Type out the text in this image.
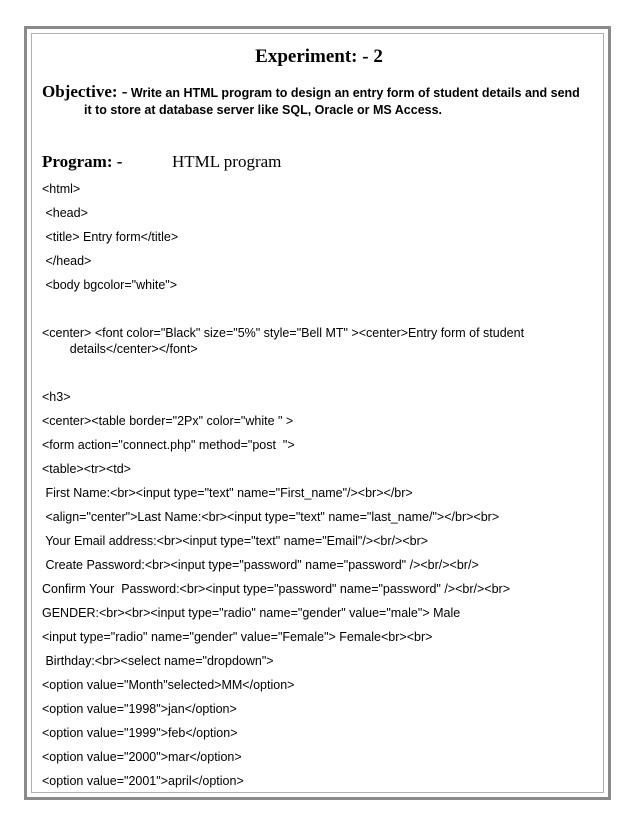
Experiment: - 2
Objective: - Write an HTML program to design an entry form of student details and send
it to store at database server like SQL, Oracle or MS Access.
Program: -	HTML program
<html>
<head>
<title> Entry form</title>
</head>
<body bgcolor="white">
<center> <font color="Black" size="5%" style="Bell MT" ><center>Entry form of student
details</center></font>
<h3>
<center><table border="2Px" color="white " >
<form action="connect.php" method="post  ">
<table><tr><td>
First Name:<br><input type="text" name="First_name"/><br></br>
<align="center">Last Name:<br><input type="text" name="last_name/"></br><br>
Your Email address:<br><input type="text" name="Email"/><br/><br>
Create Password:<br><input type="password" name="password" /><br/><br/>
Confirm Your  Password:<br><input type="password" name="password" /><br/><br>
GENDER:<br><br><input type="radio" name="gender" value="male"> Male
<input type="radio" name="gender" value="Female"> Female<br><br>
Birthday:<br><select name="dropdown">
<option value="Month"selected>MM</option>
<option value="1998">jan</option>
<option value="1999">feb</option>
<option value="2000">mar</option>
<option value="2001">april</option>
